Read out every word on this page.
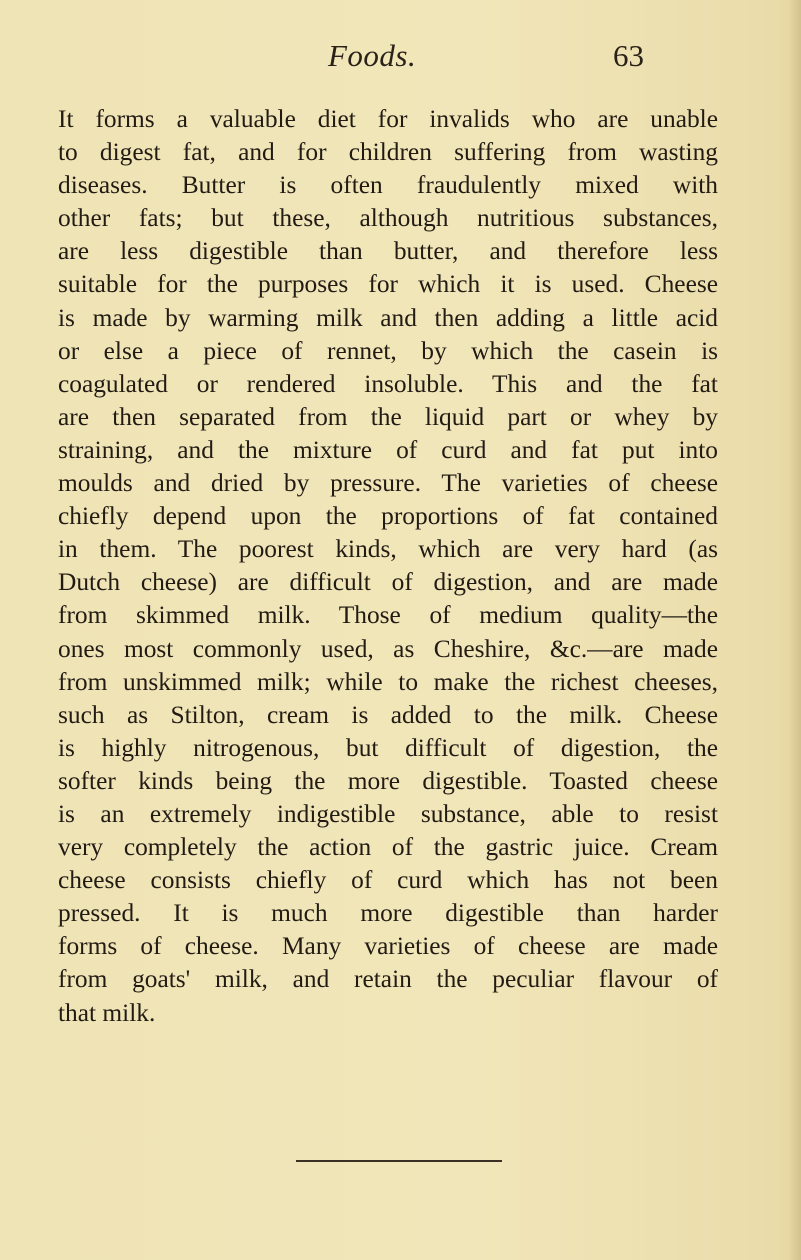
Foods.	63
It forms a valuable diet for invalids who are unable
to digest fat, and for children suffering from wasting
diseases. Butter is often fraudulently mixed with
other fats; but these, although nutritious substances,
are less digestible than butter, and therefore less
suitable for the purposes for which it is used. Cheese
is made by warming milk and then adding a little acid
or else a piece of rennet, by which the casein is
coagulated or rendered insoluble. This and the fat
are then separated from the liquid part or whey by
straining, and the mixture of curd and fat put into
moulds and dried by pressure. The varieties of cheese
chiefly depend upon the proportions of fat contained
in them. The poorest kinds, which are very hard (as
Dutch cheese) are difficult of digestion, and are made
from skimmed milk. Those of medium quality—the
ones most commonly used, as Cheshire, &c.—are made
from unskimmed milk; while to make the richest cheeses,
such as Stilton, cream is added to the milk. Cheese
is highly nitrogenous, but difficult of digestion, the
softer kinds being the more digestible. Toasted cheese
is an extremely indigestible substance, able to resist
very completely the action of the gastric juice. Cream
cheese consists chiefly of curd which has not been
pressed. It is much more digestible than harder
forms of cheese. Many varieties of cheese are made
from goats' milk, and retain the peculiar flavour of
that milk.
